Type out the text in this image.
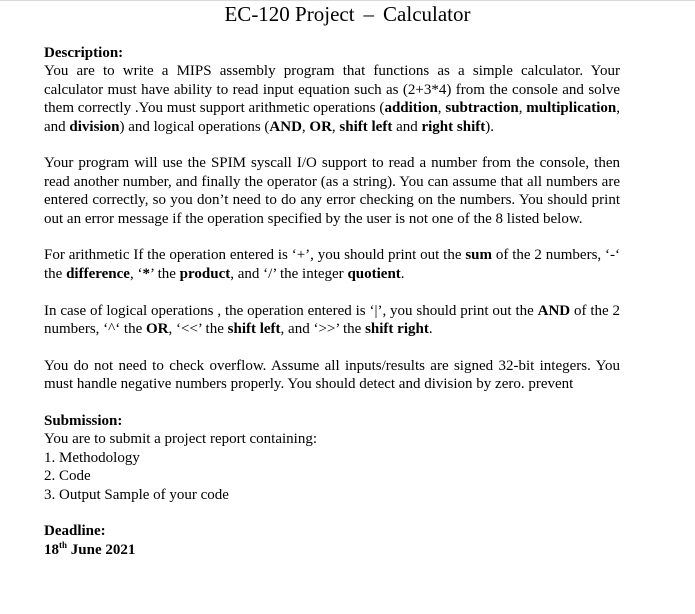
EC-120 Project – Calculator
Description:

You are to write a MIPS assembly program that functions as a simple calculator. Your calculator must have ability to read input equation such as (2+3*4) from the console and solve them correctly .You must support arithmetic operations (addition, subtraction, multiplication, and division) and logical operations (AND, OR, shift left and right shift).

Your program will use the SPIM syscall I/O support to read a number from the console, then read another number, and finally the operator (as a string). You can assume that all numbers are entered correctly, so you don’t need to do any error checking on the numbers. You should print out an error message if the operation specified by the user is not one of the 8 listed below.

For arithmetic If the operation entered is ‘+’, you should print out the sum of the 2 numbers, ‘-‘ the difference, ‘*’ the product, and ‘/’ the integer quotient.

In case of logical operations , the operation entered is ‘|’, you should print out the AND of the 2 numbers, ‘^‘ the OR, ‘<<’ the shift left, and ‘>>’ the shift right.

You do not need to check overflow. Assume all inputs/results are signed 32-bit integers. You must handle negative numbers properly. You should detect and division by zero. prevent

Submission:
You are to submit a project report containing:
1. Methodology
2. Code
3. Output Sample of your code
Deadline:
18th June 2021
